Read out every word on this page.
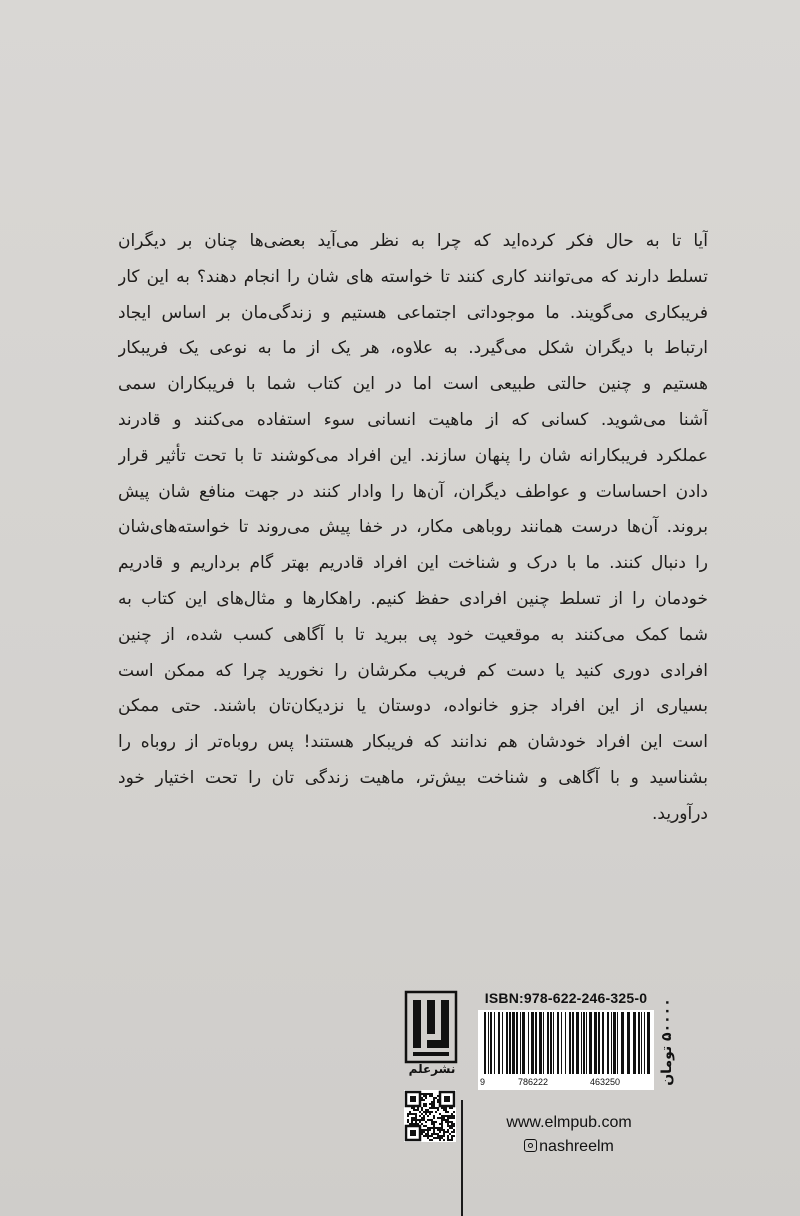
آیا تا به حال فکر کرده‌اید که چرا به نظر می‌آید بعضی‌ها چنان بر دیگران
تسلط دارند که می‌توانند کاری کنند تا خواسته های شان را انجام دهند؟ به این کار
فریبکاری می‌گویند. ما موجوداتی اجتماعی هستیم و زندگی‌مان بر اساس ایجاد
ارتباط با دیگران شکل می‌گیرد. به علاوه، هر یک از ما به نوعی یک فریبکار
هستیم و چنین حالتی طبیعی است اما در این کتاب شما با فریبکاران سمی
آشنا می‌شوید. کسانی که از ماهیت انسانی سوء استفاده می‌کنند و قادرند
عملکرد فریبکارانه شان را پنهان سازند. این افراد می‌کوشند تا با تحت تأثیر قرار
دادن احساسات و عواطف دیگران، آن‌ها را وادار کنند در جهت منافع شان پیش
بروند. آن‌ها درست همانند روباهی مکار، در خفا پیش می‌روند تا خواسته‌های‌شان
را دنبال کنند. ما با درک و شناخت این افراد قادریم بهتر گام برداریم و قادریم
خودمان را از تسلط چنین افرادی حفظ کنیم. راهکارها و مثال‌های این کتاب به
شما کمک می‌کنند به موقعیت خود پی ببرید تا با آگاهی کسب شده، از چنین
افرادی دوری کنید یا دست کم فریب مکرشان را نخورید چرا که ممکن است
بسیاری از این افراد جزو خانواده، دوستان یا نزدیکان‌تان باشند. حتی ممکن
است این افراد خودشان هم ندانند که فریبکار هستند! پس روباه‌تر از روباه را
بشناسید و با آگاهی و شناخت بیش‌تر، ماهیت زندگی تان را تحت اختیار خود
درآورید.
نشرعلم
ISBN:978-622-246-325-0
9	786222	463250	۵۰۰۰۰ تومان
www.elmpub.com
nashreelm
